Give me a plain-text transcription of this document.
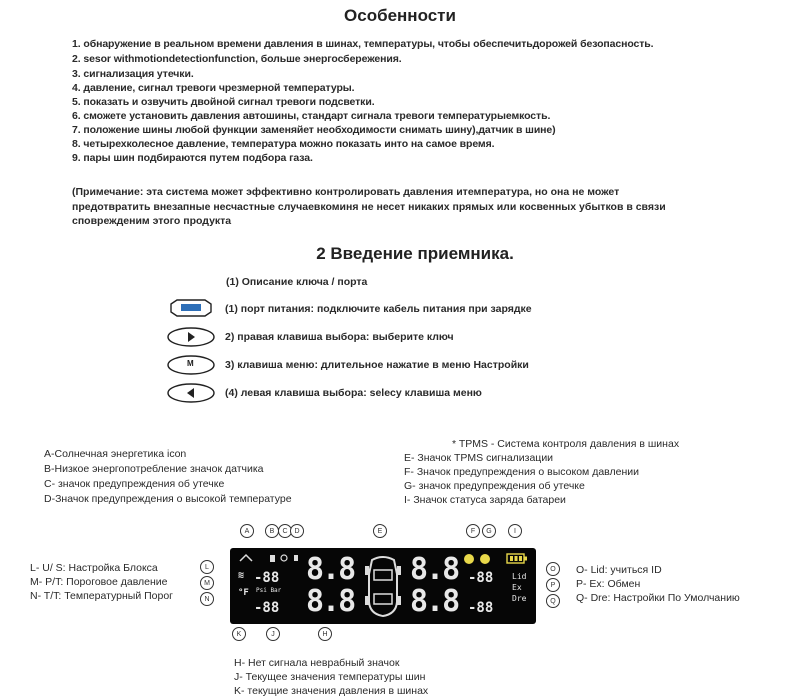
Особенности
1. обнаружение в реальном времени давления в шинах, температуры, чтобы обеспечитьдорожей безопасность.
2. sesor withmotiondetectionfunction, больше энергосбережения.
3. сигнализация утечки.
4. давление, сигнал тревоги чрезмерной температуры.
5. показать и озвучить двойной сигнал тревоги подсветки.
6. сможете установить давления автошины, стандарт сигнала тревоги температурыемкость.
7. положение шины любой функции заменяйет необходимости снимать шину),датчик в шине)
8. четырехколесное давление, температура можно показать инто на самое время.
9. пары шин подбираются путем подбора газа.
(Примечание: эта система может эффективно контролировать давления итемпература, но она не может
предотвратить внезапные несчастные случаевкоминя не несет никаких прямых или косвенных убытков в связи
споврежденим этого продукта
2 Введение приемника.
(1) Описание ключа / порта
(1) порт питания: подключите кабель питания при зарядке
2) правая клавиша выбора: выберите ключ
M	3) клавиша меню: длительное нажатие в меню Настройки
(4) левая клавиша выбора: selecy клавиша меню
A-Солнечная энергетика icon
B-Низкое энергопотребление значок датчика
C- значок предупреждения об утечке
D-Значок предупреждения о высокой температуре
* TPMS - Система контроля давления в шинах
E- Значок TPMS сигнализации
F- Значок предупреждения о высоком давлении
G- значок предупреждения об утечке
I- Значок статуса заряда батареи
L- U/ S: Настройка Блокса
M- P/T: Пороговое давление
N- T/T: Температурный Порог
O- Lid: учиться ID
P- Ex: Обмен
Q- Dre: Настройки По Умолчанию
H- Нет сигнала неврабный значок
J- Текущее значения температуры шин
K- текущие значения давления в шинах
A	B	C D	E	F	G	I
L
M
N
O
P
Q
K	J	H
≋
°F
-88
-88
Psi Bar
8.8
8.8
8.8
8.8
-88
-88
Lid
Ex
Dre
